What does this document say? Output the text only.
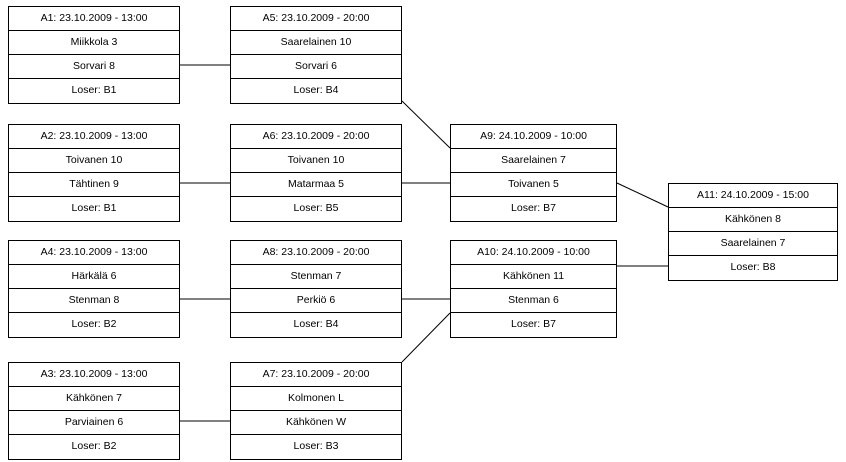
A1: 23.10.2009 - 13:00
Miikkola 3
Sorvari 8
Loser: B1
A2: 23.10.2009 - 13:00
Toivanen 10
Tähtinen 9
Loser: B1
A4: 23.10.2009 - 13:00
Härkälä 6
Stenman 8
Loser: B2
A3: 23.10.2009 - 13:00
Kähkönen 7
Parviainen 6
Loser: B2
A5: 23.10.2009 - 20:00
Saarelainen 10
Sorvari 6
Loser: B4
A6: 23.10.2009 - 20:00
Toivanen 10
Matarmaa 5
Loser: B5
A8: 23.10.2009 - 20:00
Stenman 7
Perkiö 6
Loser: B4
A7: 23.10.2009 - 20:00
Kolmonen L
Kähkönen W
Loser: B3
A9: 24.10.2009 - 10:00
Saarelainen 7
Toivanen 5
Loser: B7
A10: 24.10.2009 - 10:00
Kähkönen 11
Stenman 6
Loser: B7
A11: 24.10.2009 - 15:00
Kähkönen 8
Saarelainen 7
Loser: B8
